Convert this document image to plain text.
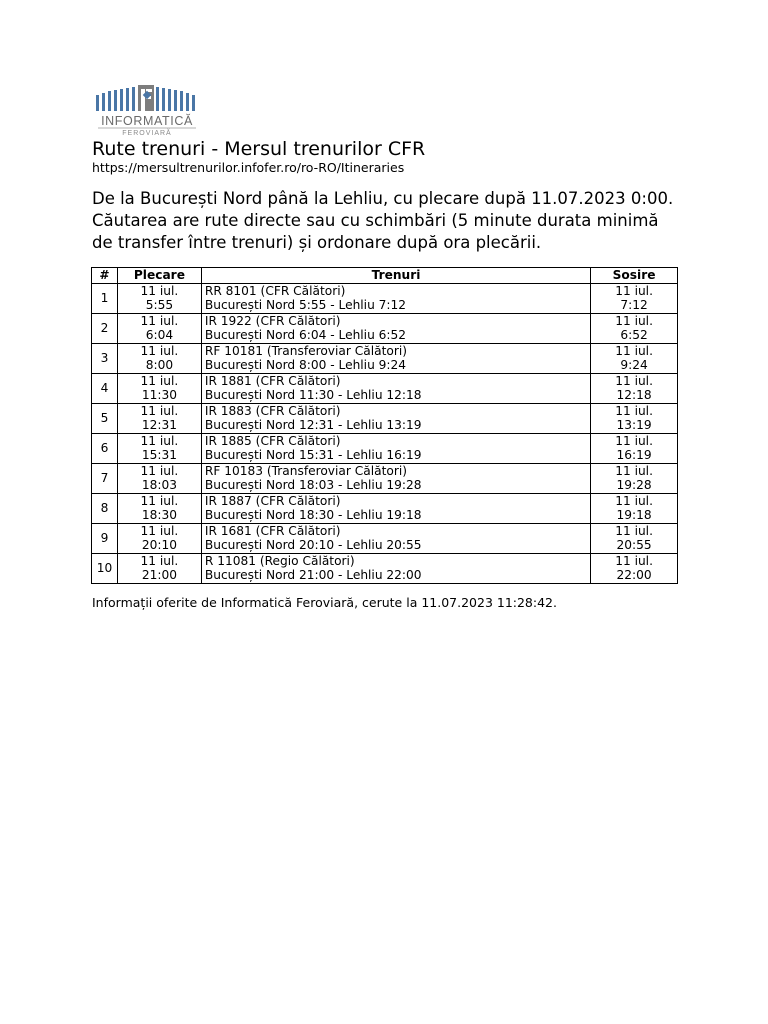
INFORMATICĂ
FEROVIARĂ
Rute trenuri - Mersul trenurilor CFR
https://mersultrenurilor.infofer.ro/ro-RO/Itineraries
De la București Nord până la Lehliu, cu plecare după 11.07.2023 0:00. Căutarea are rute directe sau cu schimbări (5 minute durata minimă de transfer între trenuri) și ordonare după ora plecării.
#	Plecare	Trenuri	Sosire
1	11 iul.
5:55	RR 8101 (CFR Călători)
București Nord 5:55 - Lehliu 7:12	11 iul.
7:12

2	11 iul.
6:04	IR 1922 (CFR Călători)
București Nord 6:04 - Lehliu 6:52	11 iul.
6:52

3	11 iul.
8:00	RF 10181 (Transferoviar Călători)
București Nord 8:00 - Lehliu 9:24	11 iul.
9:24

4	11 iul.
11:30	IR 1881 (CFR Călători)
București Nord 11:30 - Lehliu 12:18	11 iul.
12:18

5	11 iul.
12:31	IR 1883 (CFR Călători)
București Nord 12:31 - Lehliu 13:19	11 iul.
13:19

6	11 iul.
15:31	IR 1885 (CFR Călători)
București Nord 15:31 - Lehliu 16:19	11 iul.
16:19

7	11 iul.
18:03	RF 10183 (Transferoviar Călători)
București Nord 18:03 - Lehliu 19:28	11 iul.
19:28

8	11 iul.
18:30	IR 1887 (CFR Călători)
București Nord 18:30 - Lehliu 19:18	11 iul.
19:18

9	11 iul.
20:10	IR 1681 (CFR Călători)
București Nord 20:10 - Lehliu 20:55	11 iul.
20:55

10	11 iul.
21:00	R 11081 (Regio Călători)
București Nord 21:00 - Lehliu 22:00	11 iul.
22:00
Informații oferite de Informatică Feroviară, cerute la 11.07.2023 11:28:42.
